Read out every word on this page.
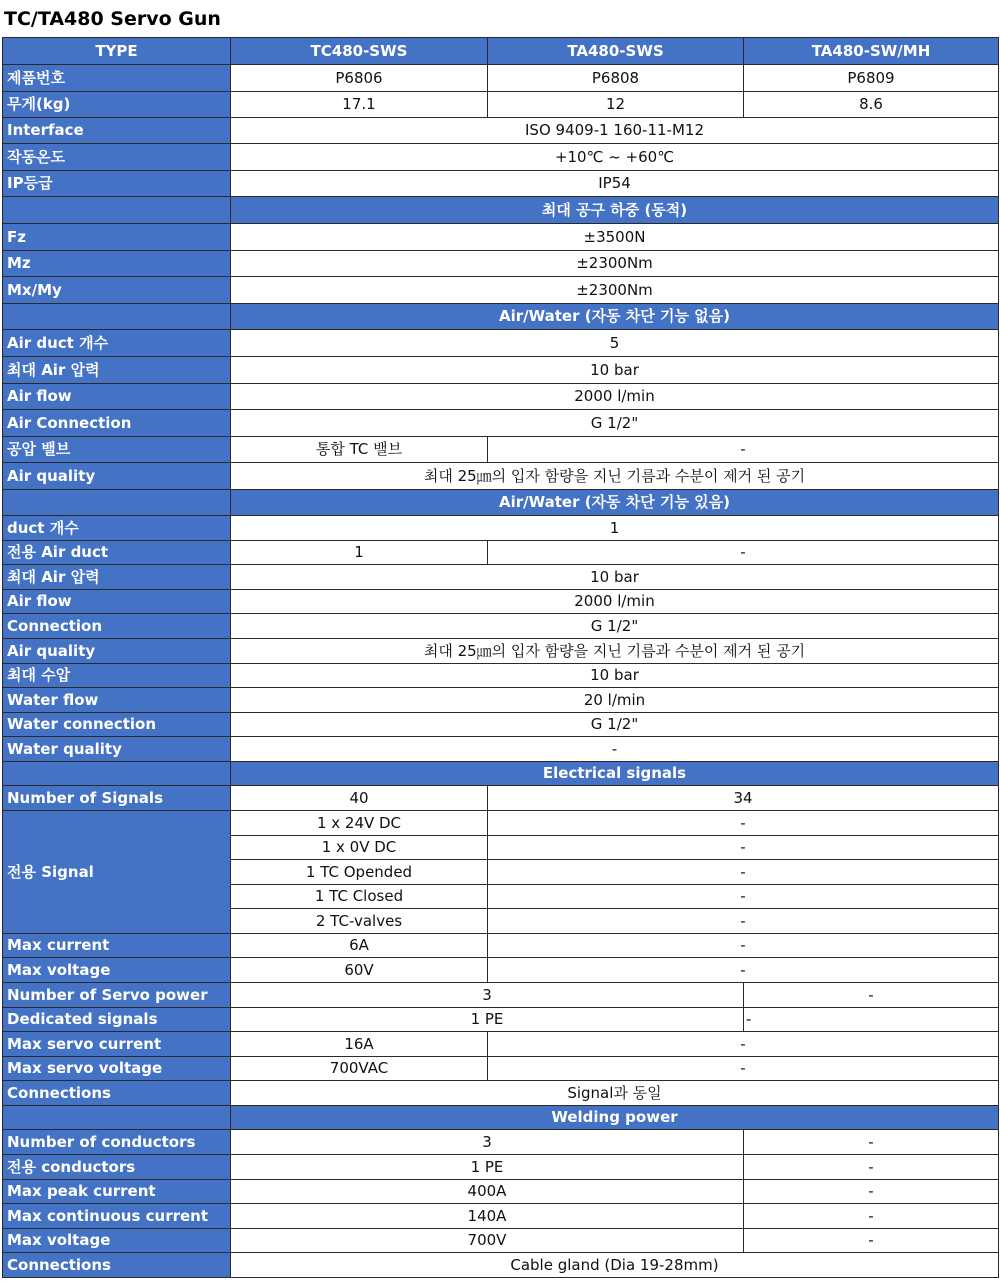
TC/TA480 Servo Gun
TYPE	TC480-SWS	TA480-SWS	TA480-SW/MH
제품번호	P6806	P6808	P6809
무게(kg)	17.1	12	8.6
Interface	ISO 9409-1 160-11-M12		
작동온도	+10℃ ~ +60℃		
IP등급	IP54		
	최대 공구 하중 (동적)		
Fz	±3500N		
Mz	±2300Nm		
Mx/My	±2300Nm		
	Air/Water (자동 차단 기능 없음)		
Air duct 개수	5		
최대 Air 압력	10 bar		
Air flow	2000 l/min		
Air Connection	G 1/2"		
공압 밸브	통합 TC 밸브	-	
Air quality	최대 25㎛의 입자 함량을 지닌 기름과 수분이 제거 된 공기		
	Air/Water (자동 차단 기능 있음)		
duct 개수	1		
전용 Air duct	1	-	
최대 Air 압력	10 bar		
Air flow	2000 l/min		
Connection	G 1/2"		
Air quality	최대 25㎛의 입자 함량을 지닌 기름과 수분이 제거 된 공기		
최대 수압	10 bar		
Water flow	20 l/min		
Water connection	G 1/2"		
Water quality	-		
	Electrical signals		
Number of Signals	40	34	
전용 Signal	1 x 24V DC	-	
	1 x 0V DC	-	
	1 TC Opended	-	
	1 TC Closed	-	
	2 TC-valves	-	
Max current	6A	-	
Max voltage	60V	-	
Number of Servo power	3		-
Dedicated signals	1 PE		-
Max servo current	16A	-	
Max servo voltage	700VAC	-	
Connections	Signal과 동일		
	Welding power		
Number of conductors	3		-
전용 conductors	1 PE		-
Max peak current	400A		-
Max continuous current	140A		-
Max voltage	700V		-
Connections	Cable gland (Dia 19-28mm)		
